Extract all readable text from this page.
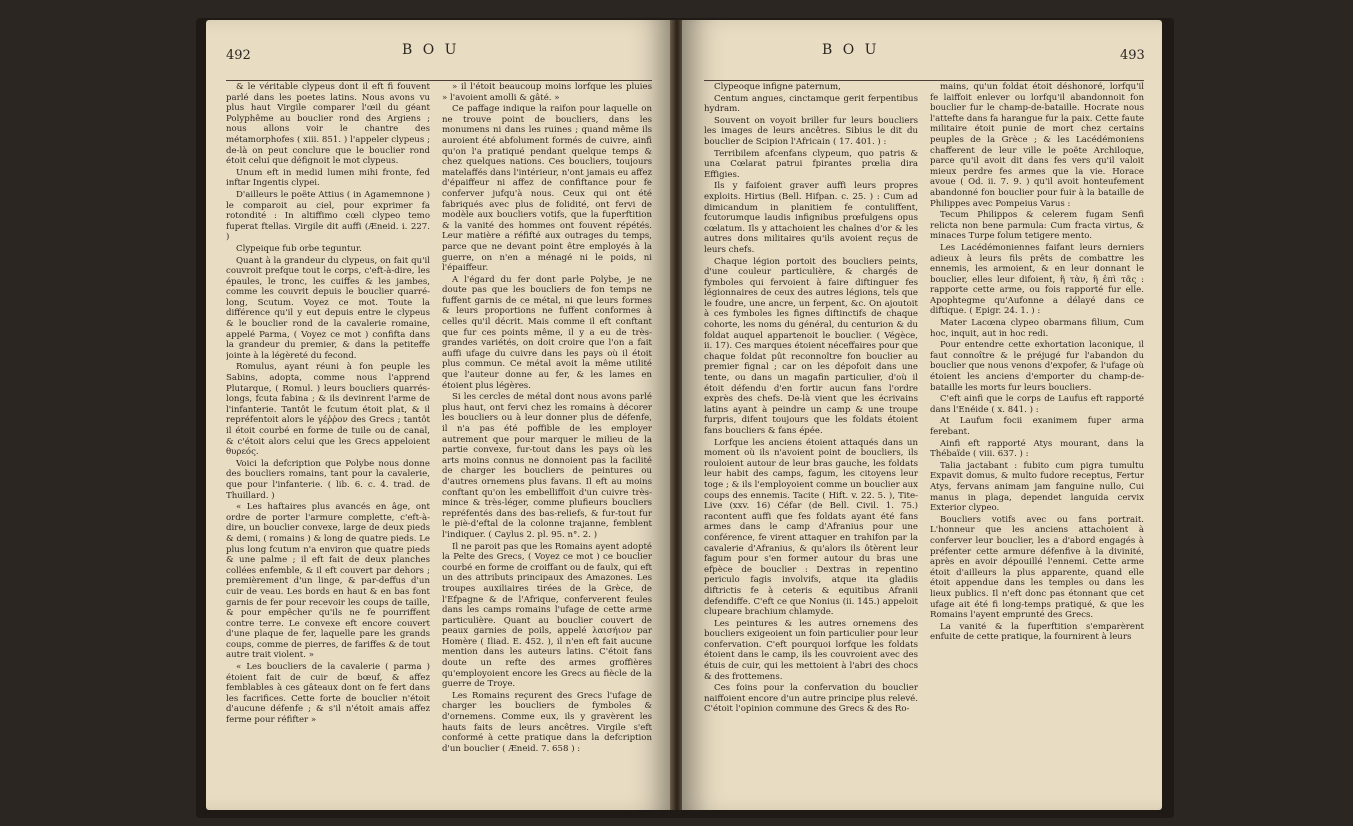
492	B O U

& le véritable clypeus dont il eft fi fouvent parlé dans les poetes latins. Nous avons vu plus haut Virgile comparer l'œil du géant Polyphême au bouclier rond des Argiens ; nous allons voir le chantre des métamorphofes ( xiii. 851. ) l'appeler clypeus ; de-là on peut conclure que le bouclier rond étoit celui que défignoit le mot clypeus.

Unum eft in medid lumen mihi fronte, fed inftar Ingentis clypei.

D'ailleurs le poëte Attius ( in Agamemnone ) le comparoit au ciel, pour exprimer fa rotondité : In altiffimo cœli clypeo temo fuperat ftellas. Virgile dit auffi (Æneid. i. 227. )

Clypeique fub orbe teguntur.

Quant à la grandeur du clypeus, on fait qu'il couvroit prefque tout le corps, c'eft-à-dire, les épaules, le tronc, les cuiffes & les jambes, comme les couvrit depuis le bouclier quarré-long, Scutum. Voyez ce mot. Toute la différence qu'il y eut depuis entre le clypeus & le bouclier rond de la cavalerie romaine, appelé Parma, ( Voyez ce mot ) confifta dans la grandeur du premier, & dans la petiteffe jointe à la légèreté du fecond.

Romulus, ayant réuni à fon peuple les Sabins, adopta, comme nous l'apprend Plutarque, ( Romul. ) leurs boucliers quarrés-longs, fcuta fabina ; & ils devinrent l'arme de l'infanterie. Tantôt le fcutum étoit plat, & il repréfentoit alors le γέῤῥον des Grecs ; tantôt il étoit courbé en forme de tuile ou de canal, & c'étoit alors celui que les Grecs appeloient θυρεός.

Voici la defcription que Polybe nous donne des boucliers romains, tant pour la cavalerie, que pour l'infanterie. ( lib. 6. c. 4. trad. de Thuillard. )

« Les haftaires plus avancés en âge, ont ordre de porter l'armure complette, c'eft-à-dire, un bouclier convexe, large de deux pieds & demi, ( romains ) & long de quatre pieds. Le plus long fcutum n'a environ que quatre pieds & une palme ; il eft fait de deux planches collées enfemble, & il eft couvert par dehors ; premièrement d'un linge, & par-deffus d'un cuir de veau. Les bords en haut & en bas font garnis de fer pour recevoir les coups de taille, & pour empêcher qu'ils ne fe pourriffent contre terre. Le convexe eft encore couvert d'une plaque de fer, laquelle pare les grands coups, comme de pierres, de fariffes & de tout autre trait violent. »

« Les boucliers de la cavalerie ( parma ) étoient fait de cuir de bœuf, & affez femblables à ces gâteaux dont on fe fert dans les facrifices. Cette forte de bouclier n'étoit d'aucune défenfe ; & s'il n'étoit amais affez ferme pour réfifter »

» il l'étoit beaucoup moins lorfque les pluies » l'avoient amolli & gâté. »

Ce paffage indique la raifon pour laquelle on ne trouve point de boucliers, dans les monumens ni dans les ruines ; quand même ils auroient été abfolument formés de cuivre, ainfi qu'on l'a pratiqué pendant quelque temps & chez quelques nations. Ces boucliers, toujours matelaffés dans l'intérieur, n'ont jamais eu affez d'épaiffeur ni affez de confiftance pour fe conferver jufqu'à nous. Ceux qui ont été fabriqués avec plus de folidité, ont fervi de modèle aux boucliers votifs, que la fuperftition & la vanité des hommes ont fouvent répétés. Leur matière a réfifté aux outrages du temps, parce que ne devant point être employés à la guerre, on n'en a ménagé ni le poids, ni l'épaiffeur.

A l'égard du fer dont parle Polybe, je ne doute pas que les boucliers de fon temps ne fuffent garnis de ce métal, ni que leurs formes & leurs proportions ne fuffent conformes à celles qu'il décrit. Mais comme il eft conftant que fur ces points même, il y a eu de très-grandes variétés, on doit croire que l'on a fait auffi ufage du cuivre dans les pays où il étoit plus commun. Ce métal avoit la même utilité que l'auteur donne au fer, & les lames en étoient plus légères.

Si les cercles de métal dont nous avons parlé plus haut, ont fervi chez les romains à décorer les boucliers ou à leur donner plus de défenfe, il n'a pas été poffible de les employer autrement que pour marquer le milieu de la partie convexe, fur-tout dans les pays où les arts moins connus ne donnoient pas la facilité de charger les boucliers de peintures ou d'autres ornemens plus favans. Il eft au moins conftant qu'on les embelliffoit d'un cuivre très-mince & très-léger, comme plufieurs boucliers repréfentés dans des bas-reliefs, & fur-tout fur le piè-d'eftal de la colonne trajanne, femblent l'indiquer. ( Caylus 2. pl. 95. n°. 2. )

Il ne paroit pas que les Romains ayent adopté la Pelte des Grecs, ( Voyez ce mot ) ce bouclier courbé en forme de croiffant ou de faulx, qui eft un des attributs principaux des Amazones. Les troupes auxiliaires tirées de la Grèce, de l'Efpagne & de l'Afrique, conferverent feules dans les camps romains l'ufage de cette arme particulière. Quant au bouclier couvert de peaux garnies de poils, appelé λαισήιον par Homère ( Iliad. E. 452. ), il n'en eft fait aucune mention dans les auteurs latins. C'étoit fans doute un refte des armes groffières qu'employoient encore les Grecs au fiècle de la guerre de Troye.

Les Romains reçurent des Grecs l'ufage de charger les boucliers de fymboles & d'ornemens. Comme eux, ils y gravèrent les hauts faits de leurs ancêtres. Virgile s'eft conformé à cette pratique dans la defcription d'un bouclier ( Æneid. 7. 658 ) :

B O U	493

Clypeoque infigne paternum,

Centum angues, cinctamque gerit ferpentibus hydram.

Souvent on voyoit briller fur leurs boucliers les images de leurs ancêtres. Sibius le dit du bouclier de Scipion l'Africain ( 17. 401. ) :

Terribilem afcenfans clypeum, quo patris & una Cœlarat patrui fpirantes prœlia dira Effigies.

Ils y faifoient graver auffi leurs propres exploits. Hirtius (Bell. Hifpan. c. 25. ) : Cum ad dimicandum in planitiem fe contuliffent, fcutorumque laudis infignibus prœfulgens opus cœlatum. Ils y attachoient les chaînes d'or & les autres dons militaires qu'ils avoient reçus de leurs chefs.

Chaque légion portoit des boucliers peints, d'une couleur particulière, & chargés de fymboles qui fervoient à faire diftinguer fes légionnaires de ceux des autres légions, tels que le foudre, une ancre, un ferpent, &c. On ajoutoit à ces fymboles les fignes diftinctifs de chaque cohorte, les noms du général, du centurion & du foldat auquel appartenoit le bouclier. ( Végèce, ii. 17). Ces marques étoient néceffaires pour que chaque foldat pût reconnoître fon bouclier au premier fignal ; car on les dépofoit dans une tente, ou dans un magafin particulier, d'où il étoit défendu d'en fortir aucun fans l'ordre exprès des chefs. De-là vient que les écrivains latins ayant à peindre un camp & une troupe furpris, difent toujours que les foldats étoient fans boucliers & fans épée.

Lorfque les anciens étoient attaqués dans un moment où ils n'avoient point de boucliers, ils rouloient autour de leur bras gauche, les foldats leur habit des camps, fagum, les citoyens leur toge ; & ils l'employoient comme un bouclier aux coups des ennemis. Tacite ( Hift. v. 22. 5. ), Tite-Live (xxv. 16) Céfar (de Bell. Civil. 1. 75.) racontent auffi que fes foldats ayant été fans armes dans le camp d'Afranius pour une conférence, fe virent attaquer en trahifon par la cavalerie d'Afranius, & qu'alors ils ôtèrent leur fagum pour s'en former autour du bras une efpèce de bouclier : Dextras in repentino periculo fagis involvifs, atque ita gladiis diftrictis fe à ceteris & equitibus Afranii defendiffe. C'eft ce que Nonius (ii. 145.) appeloit clupeare brachium chlamyde.

Les peintures & les autres ornemens des boucliers exigeoient un foin particulier pour leur confervation. C'eft pourquoi lorfque les foldats étoient dans le camp, ils les couvroient avec des étuis de cuir, qui les mettoient à l'abri des chocs & des frottemens.

Ces foins pour la confervation du bouclier naiffoient encore d'un autre principe plus relevé. C'étoit l'opinion commune des Grecs & des Ro-

mains, qu'un foldat étoit déshonoré, lorfqu'il fe laiffoit enlever ou lorfqu'il abandonnoit fon bouclier fur le champ-de-bataille. Hocrate nous l'attefte dans fa harangue fur la paix. Cette faute militaire étoit punie de mort chez certains peuples de la Grèce ; & les Lacédémoniens chafferent de leur ville le poëte Archiloque, parce qu'il avoit dit dans fes vers qu'il valoit mieux perdre fes armes que la vie. Horace avoue ( Od. ii. 7. 9. ) qu'il avoit honteufement abandonné fon bouclier pour fuir à la bataille de Philippes avec Pompeius Varus :

Tecum Philippos & celerem fugam Senfi relicta non bene parmula: Cum fracta virtus, & minaces Turpe folum tetigere mento.

Les Lacédémoniennes faifant leurs derniers adieux à leurs fils prêts de combattre les ennemis, les armoient, & en leur donnant le bouclier, elles leur difoient, ἢ τὰν, ἢ ἐπὶ τᾶς : rapporte cette arme, ou fois rapporté fur elle. Apophtegme qu'Aufonne a délayé dans ce diftique. ( Epigr. 24. 1. ) :

Mater Lacœna clypeo obarmans filium, Cum hoc, inquit, aut in hoc redi.

Pour entendre cette exhortation laconique, il faut connoître & le préjugé fur l'abandon du bouclier que nous venons d'expofer, & l'ufage où étoient les anciens d'emporter du champ-de-bataille les morts fur leurs boucliers.

C'eft ainfi que le corps de Laufus eft rapporté dans l'Enéide ( x. 841. ) :

At Laufum focii exanimem fuper arma ferebant.

Ainfi eft rapporté Atys mourant, dans la Thébaïde ( viii. 637. ) :

Talia jactabant : fubito cum pigra tumultu Expavit domus, & multo fudore receptus, Fertur Atys, fervans animam jam fanguine nullo, Cui manus in plaga, dependet languida cervix Exterior clypeo.

Boucliers votifs avec ou fans portrait. L'honneur que les anciens attachoient à conferver leur bouclier, les a d'abord engagés à préfenter cette armure défenfive à la divinité, après en avoir dépouillé l'ennemi. Cette arme étoit d'ailleurs la plus apparente, quand elle étoit appendue dans les temples ou dans les lieux publics. Il n'eft donc pas étonnant que cet ufage ait été fi long-temps pratiqué, & que les Romains l'ayent emprunté des Grecs.

La vanité & la fuperftition s'emparèrent enfuite de cette pratique, la fournirent à leurs
